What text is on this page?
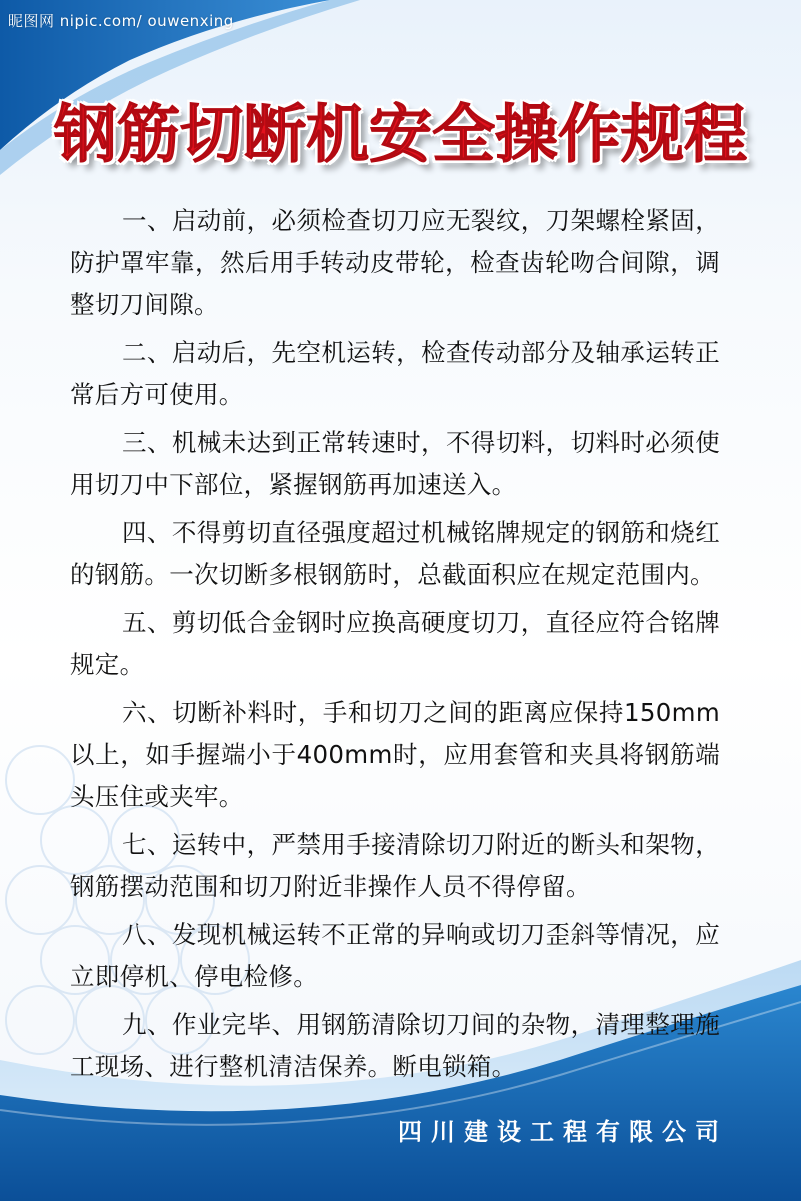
昵图网 nipic.com/ ouwenxing
钢筋切断机安全操作规程

一、启动前，必须检查切刀应无裂纹，刀架螺栓紧固，防护罩牢靠，然后用手转动皮带轮，检查齿轮吻合间隙，调整切刀间隙。

二、启动后，先空机运转，检查传动部分及轴承运转正常后方可使用。

三、机械未达到正常转速时，不得切料，切料时必须使用切刀中下部位，紧握钢筋再加速送入。

四、不得剪切直径强度超过机械铭牌规定的钢筋和烧红的钢筋。一次切断多根钢筋时，总截面积应在规定范围内。

五、剪切低合金钢时应换高硬度切刀，直径应符合铭牌规定。

六、切断补料时，手和切刀之间的距离应保持150mm以上，如手握端小于400mm时，应用套管和夹具将钢筋端头压住或夹牢。

七、运转中，严禁用手接清除切刀附近的断头和架物，钢筋摆动范围和切刀附近非操作人员不得停留。

八、发现机械运转不正常的异响或切刀歪斜等情况，应立即停机、停电检修。

九、作业完毕、用钢筋清除切刀间的杂物，清理整理施工现场、进行整机清洁保养。断电锁箱。

四川建设工程有限公司
